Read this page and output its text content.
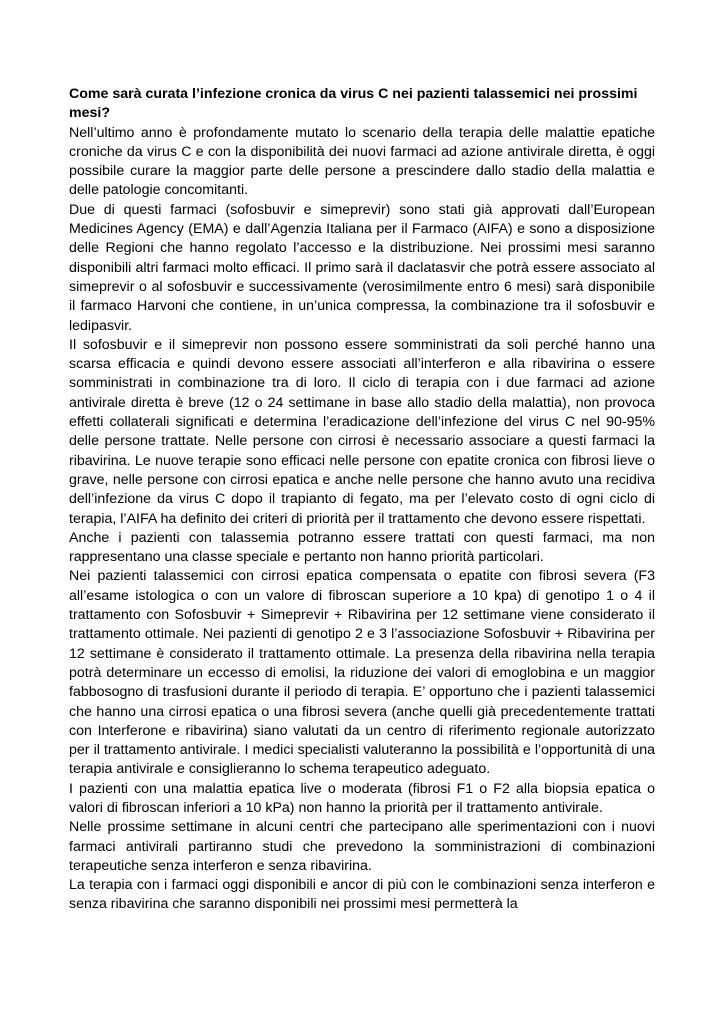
Come sarà curata l’infezione cronica da virus C nei pazienti talassemici nei prossimi mesi?

Nell’ultimo anno è profondamente mutato lo scenario della terapia delle malattie epatiche croniche da virus C e con la disponibilità dei nuovi farmaci ad azione antivirale diretta, è oggi possibile curare la maggior parte delle persone a prescindere dallo stadio della malattia e delle patologie concomitanti.

Due di questi farmaci (sofosbuvir e simeprevir) sono stati già approvati dall’European Medicines Agency (EMA) e dall’Agenzia Italiana per il Farmaco (AIFA) e sono a disposizione delle Regioni che hanno regolato l’accesso e la distribuzione. Nei prossimi mesi saranno disponibili altri farmaci molto efficaci. Il primo sarà il daclatasvir che potrà essere associato al simeprevir o al sofosbuvir e successivamente (verosimilmente entro 6 mesi) sarà disponibile il farmaco Harvoni che contiene, in un’unica compressa, la combinazione tra il sofosbuvir e ledipasvir.

Il sofosbuvir e il simeprevir non possono essere somministrati da soli perché hanno una scarsa efficacia e quindi devono essere associati all’interferon e alla ribavirina o essere somministrati in combinazione tra di loro. Il ciclo di terapia con i due farmaci ad azione antivirale diretta è breve (12 o 24 settimane in base allo stadio della malattia), non provoca effetti collaterali significati e determina l’eradicazione dell’infezione del virus C nel 90-95% delle persone trattate. Nelle persone con cirrosi è necessario associare a questi farmaci la ribavirina. Le nuove terapie sono efficaci nelle persone con epatite cronica con fibrosi lieve o grave, nelle persone con cirrosi epatica e anche nelle persone che hanno avuto una recidiva dell’infezione da virus C dopo il trapianto di fegato, ma per l’elevato costo di ogni ciclo di terapia, l’AIFA ha definito dei criteri di priorità per il trattamento che devono essere rispettati.

Anche i pazienti con talassemia potranno essere trattati con questi farmaci, ma non rappresentano una classe speciale e pertanto non hanno priorità particolari.

Nei pazienti talassemici con cirrosi epatica compensata o epatite con fibrosi severa (F3 all’esame istologica o con un valore di fibroscan superiore a 10 kpa) di genotipo 1 o 4 il trattamento con Sofosbuvir + Simeprevir + Ribavirina per 12 settimane viene considerato il trattamento ottimale. Nei pazienti di genotipo 2 e 3 l’associazione Sofosbuvir + Ribavirina per 12 settimane è considerato il trattamento ottimale. La presenza della ribavirina nella terapia potrà determinare un eccesso di emolisi, la riduzione dei valori di emoglobina e un maggior fabbosogno di trasfusioni durante il periodo di terapia. E’ opportuno che i pazienti talassemici che hanno una cirrosi epatica o una fibrosi severa (anche quelli già precedentemente trattati con Interferone e ribavirina) siano valutati da un centro di riferimento regionale autorizzato per il trattamento antivirale. I medici specialisti valuteranno la possibilità e l’opportunità di una terapia antivirale e consiglieranno lo schema terapeutico adeguato.

I pazienti con una malattia epatica live o moderata (fibrosi F1 o F2 alla biopsia epatica o valori di fibroscan inferiori a 10 kPa) non hanno la priorità per il trattamento antivirale.

Nelle prossime settimane in alcuni centri che partecipano alle sperimentazioni con i nuovi farmaci antivirali partiranno studi che prevedono la somministrazioni di combinazioni terapeutiche senza interferon e senza ribavirina.

La terapia con i farmaci oggi disponibili e ancor di più con le combinazioni senza interferon e senza ribavirina che saranno disponibili nei prossimi mesi permetterà la
